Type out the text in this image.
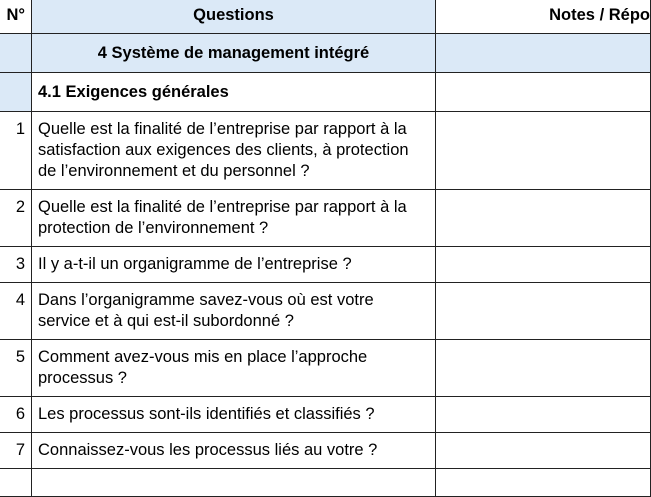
N°	Questions	Notes / Répo
	4 Système de management intégré	
	4.1 Exigences générales	
1	Quelle est la finalité de l’entreprise par rapport à la satisfaction aux exigences des clients, à protection de l’environnement et du personnel ?	
2	Quelle est la finalité de l’entreprise par rapport à la protection de l’environnement ?	
3	Il y a-t-il un organigramme de l’entreprise ?	
4	Dans l’organigramme savez-vous où est votre service et à qui est-il subordonné ?	
5	Comment avez-vous mis en place l’approche processus ?	
6	Les processus sont-ils identifiés et classifiés ?	
7	Connaissez-vous les processus liés au votre ?	
